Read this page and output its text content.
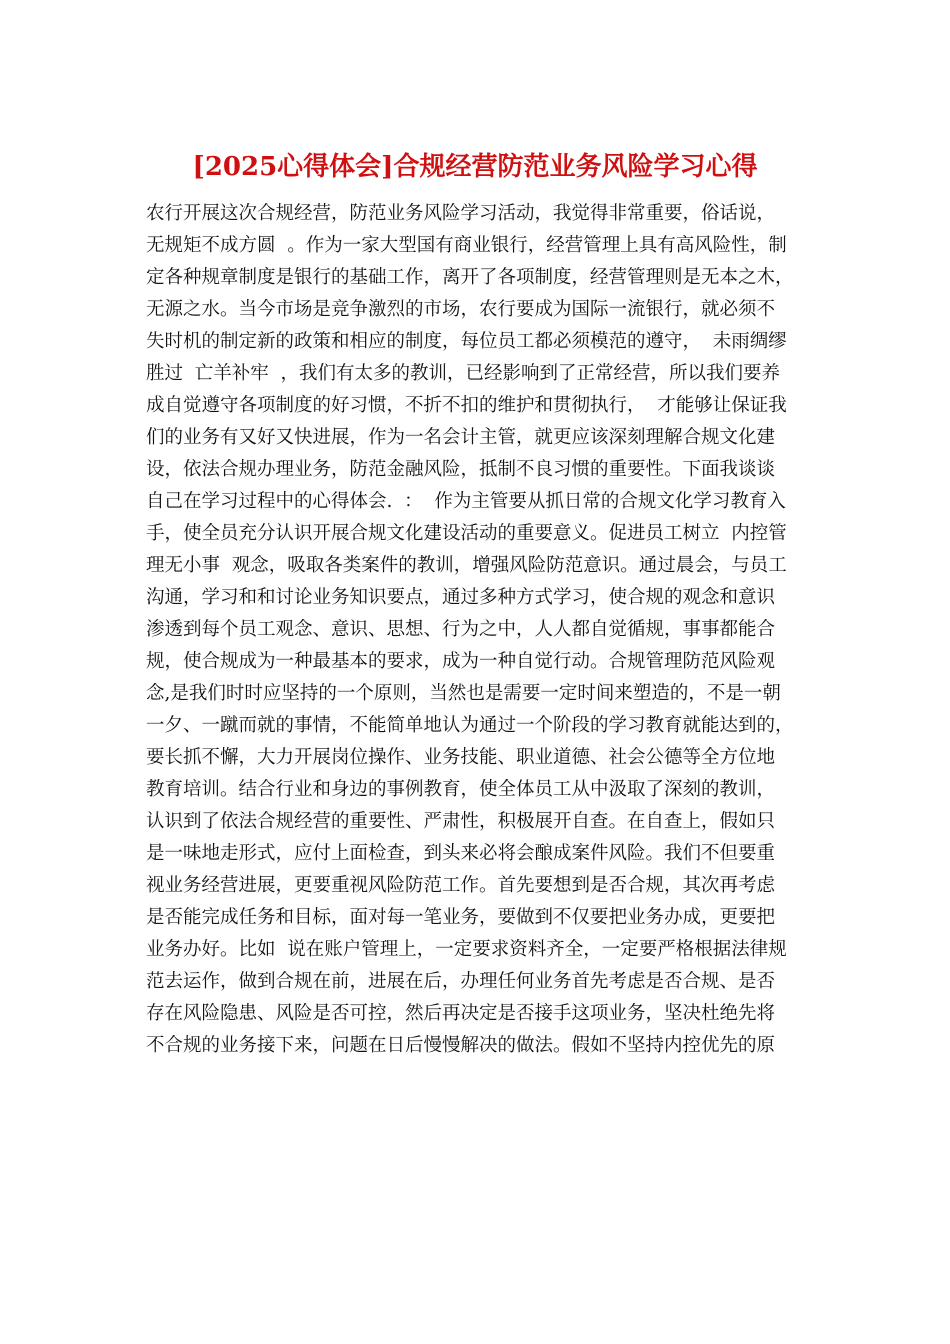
[2025心得体会]合规经营防范业务风险学习心得
农行开展这次合规经营，防范业务风险学习活动，我觉得非常重要，俗话说，
无规矩不成方圆  。作为一家大型国有商业银行，经营管理上具有高风险性，制
定各种规章制度是银行的基础工作，离开了各项制度，经营管理则是无本之木，
无源之水。当今市场是竞争激烈的市场，农行要成为国际一流银行，就必须不
失时机的制定新的政策和相应的制度，每位员工都必须模范的遵守，  未雨绸缪
胜过  亡羊补牢  ，我们有太多的教训，已经影响到了正常经营，所以我们要养
成自觉遵守各项制度的好习惯，不折不扣的维护和贯彻执行，  才能够让保证我
们的业务有又好又快进展，作为一名会计主管，就更应该深刻理解合规文化建
设，依法合规办理业务，防范金融风险，抵制不良习惯的重要性。下面我谈谈
自己在学习过程中的心得体会.  ：  作为主管要从抓日常的合规文化学习教育入
手，使全员充分认识开展合规文化建设活动的重要意义。促进员工树立  内控管
理无小事  观念，吸取各类案件的教训，增强风险防范意识。通过晨会，与员工
沟通，学习和和讨论业务知识要点，通过多种方式学习，使合规的观念和意识
渗透到每个员工观念、意识、思想、行为之中，人人都自觉循规，事事都能合
规，使合规成为一种最基本的要求，成为一种自觉行动。合规管理防范风险观
念,是我们时时应坚持的一个原则，当然也是需要一定时间来塑造的，不是一朝
一夕、一蹴而就的事情，不能简单地认为通过一个阶段的学习教育就能达到的，
要长抓不懈，大力开展岗位操作、业务技能、职业道德、社会公德等全方位地
教育培训。结合行业和身边的事例教育，使全体员工从中汲取了深刻的教训，
认识到了依法合规经营的重要性、严肃性，积极展开自查。在自查上，假如只
是一味地走形式，应付上面检查，到头来必将会酿成案件风险。我们不但要重
视业务经营进展，更要重视风险防范工作。首先要想到是否合规，其次再考虑
是否能完成任务和目标，面对每一笔业务，要做到不仅要把业务办成，更要把
业务办好。比如  说在账户管理上，一定要求资料齐全，一定要严格根据法律规
范去运作，做到合规在前，进展在后，办理任何业务首先考虑是否合规、是否
存在风险隐患、风险是否可控，然后再决定是否接手这项业务，坚决杜绝先将
不合规的业务接下来，问题在日后慢慢解决的做法。假如不坚持内控优先的原
